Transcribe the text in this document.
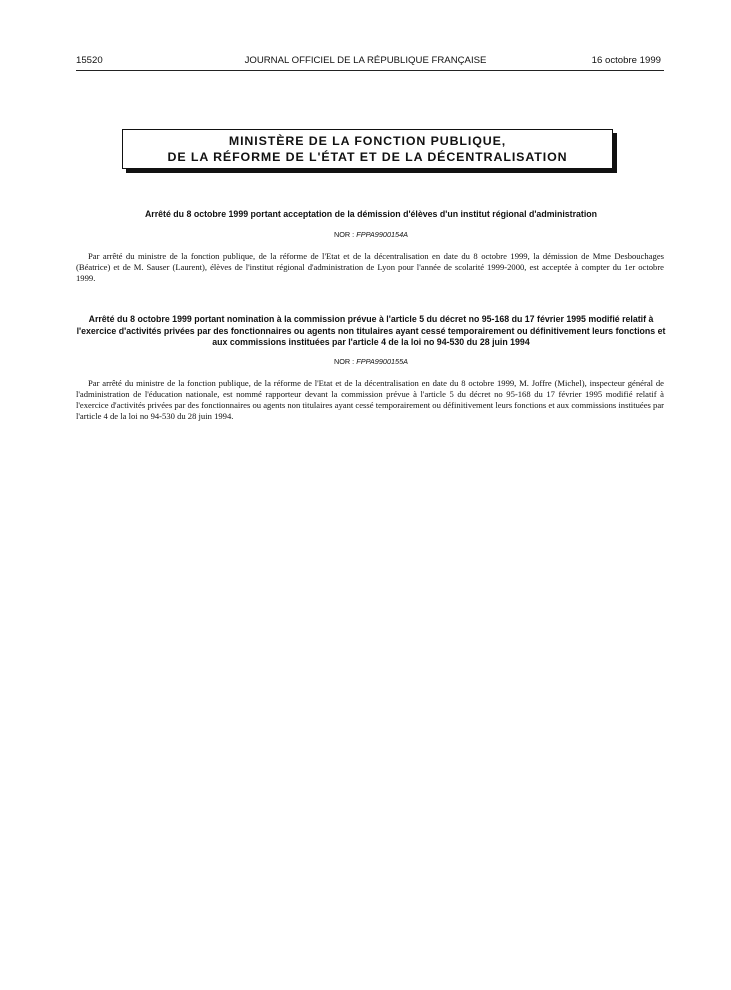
15520	JOURNAL OFFICIEL DE LA RÉPUBLIQUE FRANÇAISE	16 octobre 1999
MINISTÈRE DE LA FONCTION PUBLIQUE,
DE LA RÉFORME DE L'ÉTAT ET DE LA DÉCENTRALISATION
Arrêté du 8 octobre 1999 portant acceptation de la démission d'élèves d'un institut régional d'administration
NOR : FPPA9900154A

Par arrêté du ministre de la fonction publique, de la réforme de l'Etat et de la décentralisation en date du 8 octobre 1999, la démission de Mme Desbouchages (Béatrice) et de M. Sauser (Laurent), élèves de l'institut régional d'administration de Lyon pour l'année de scolarité 1999-2000, est acceptée à compter du 1er octobre 1999.

Arrêté du 8 octobre 1999 portant nomination à la commission prévue à l'article 5 du décret no 95-168 du 17 février 1995 modifié relatif à l'exercice d'activités privées par des fonctionnaires ou agents non titulaires ayant cessé temporairement ou définitivement leurs fonctions et aux commissions instituées par l'article 4 de la loi no 94-530 du 28 juin 1994
NOR : FPPA9900155A

Par arrêté du ministre de la fonction publique, de la réforme de l'Etat et de la décentralisation en date du 8 octobre 1999, M. Joffre (Michel), inspecteur général de l'administration de l'éducation nationale, est nommé rapporteur devant la commission prévue à l'article 5 du décret no 95-168 du 17 février 1995 modifié relatif à l'exercice d'activités privées par des fonctionnaires ou agents non titulaires ayant cessé temporairement ou définitivement leurs fonctions et aux commissions instituées par l'article 4 de la loi no 94-530 du 28 juin 1994.
